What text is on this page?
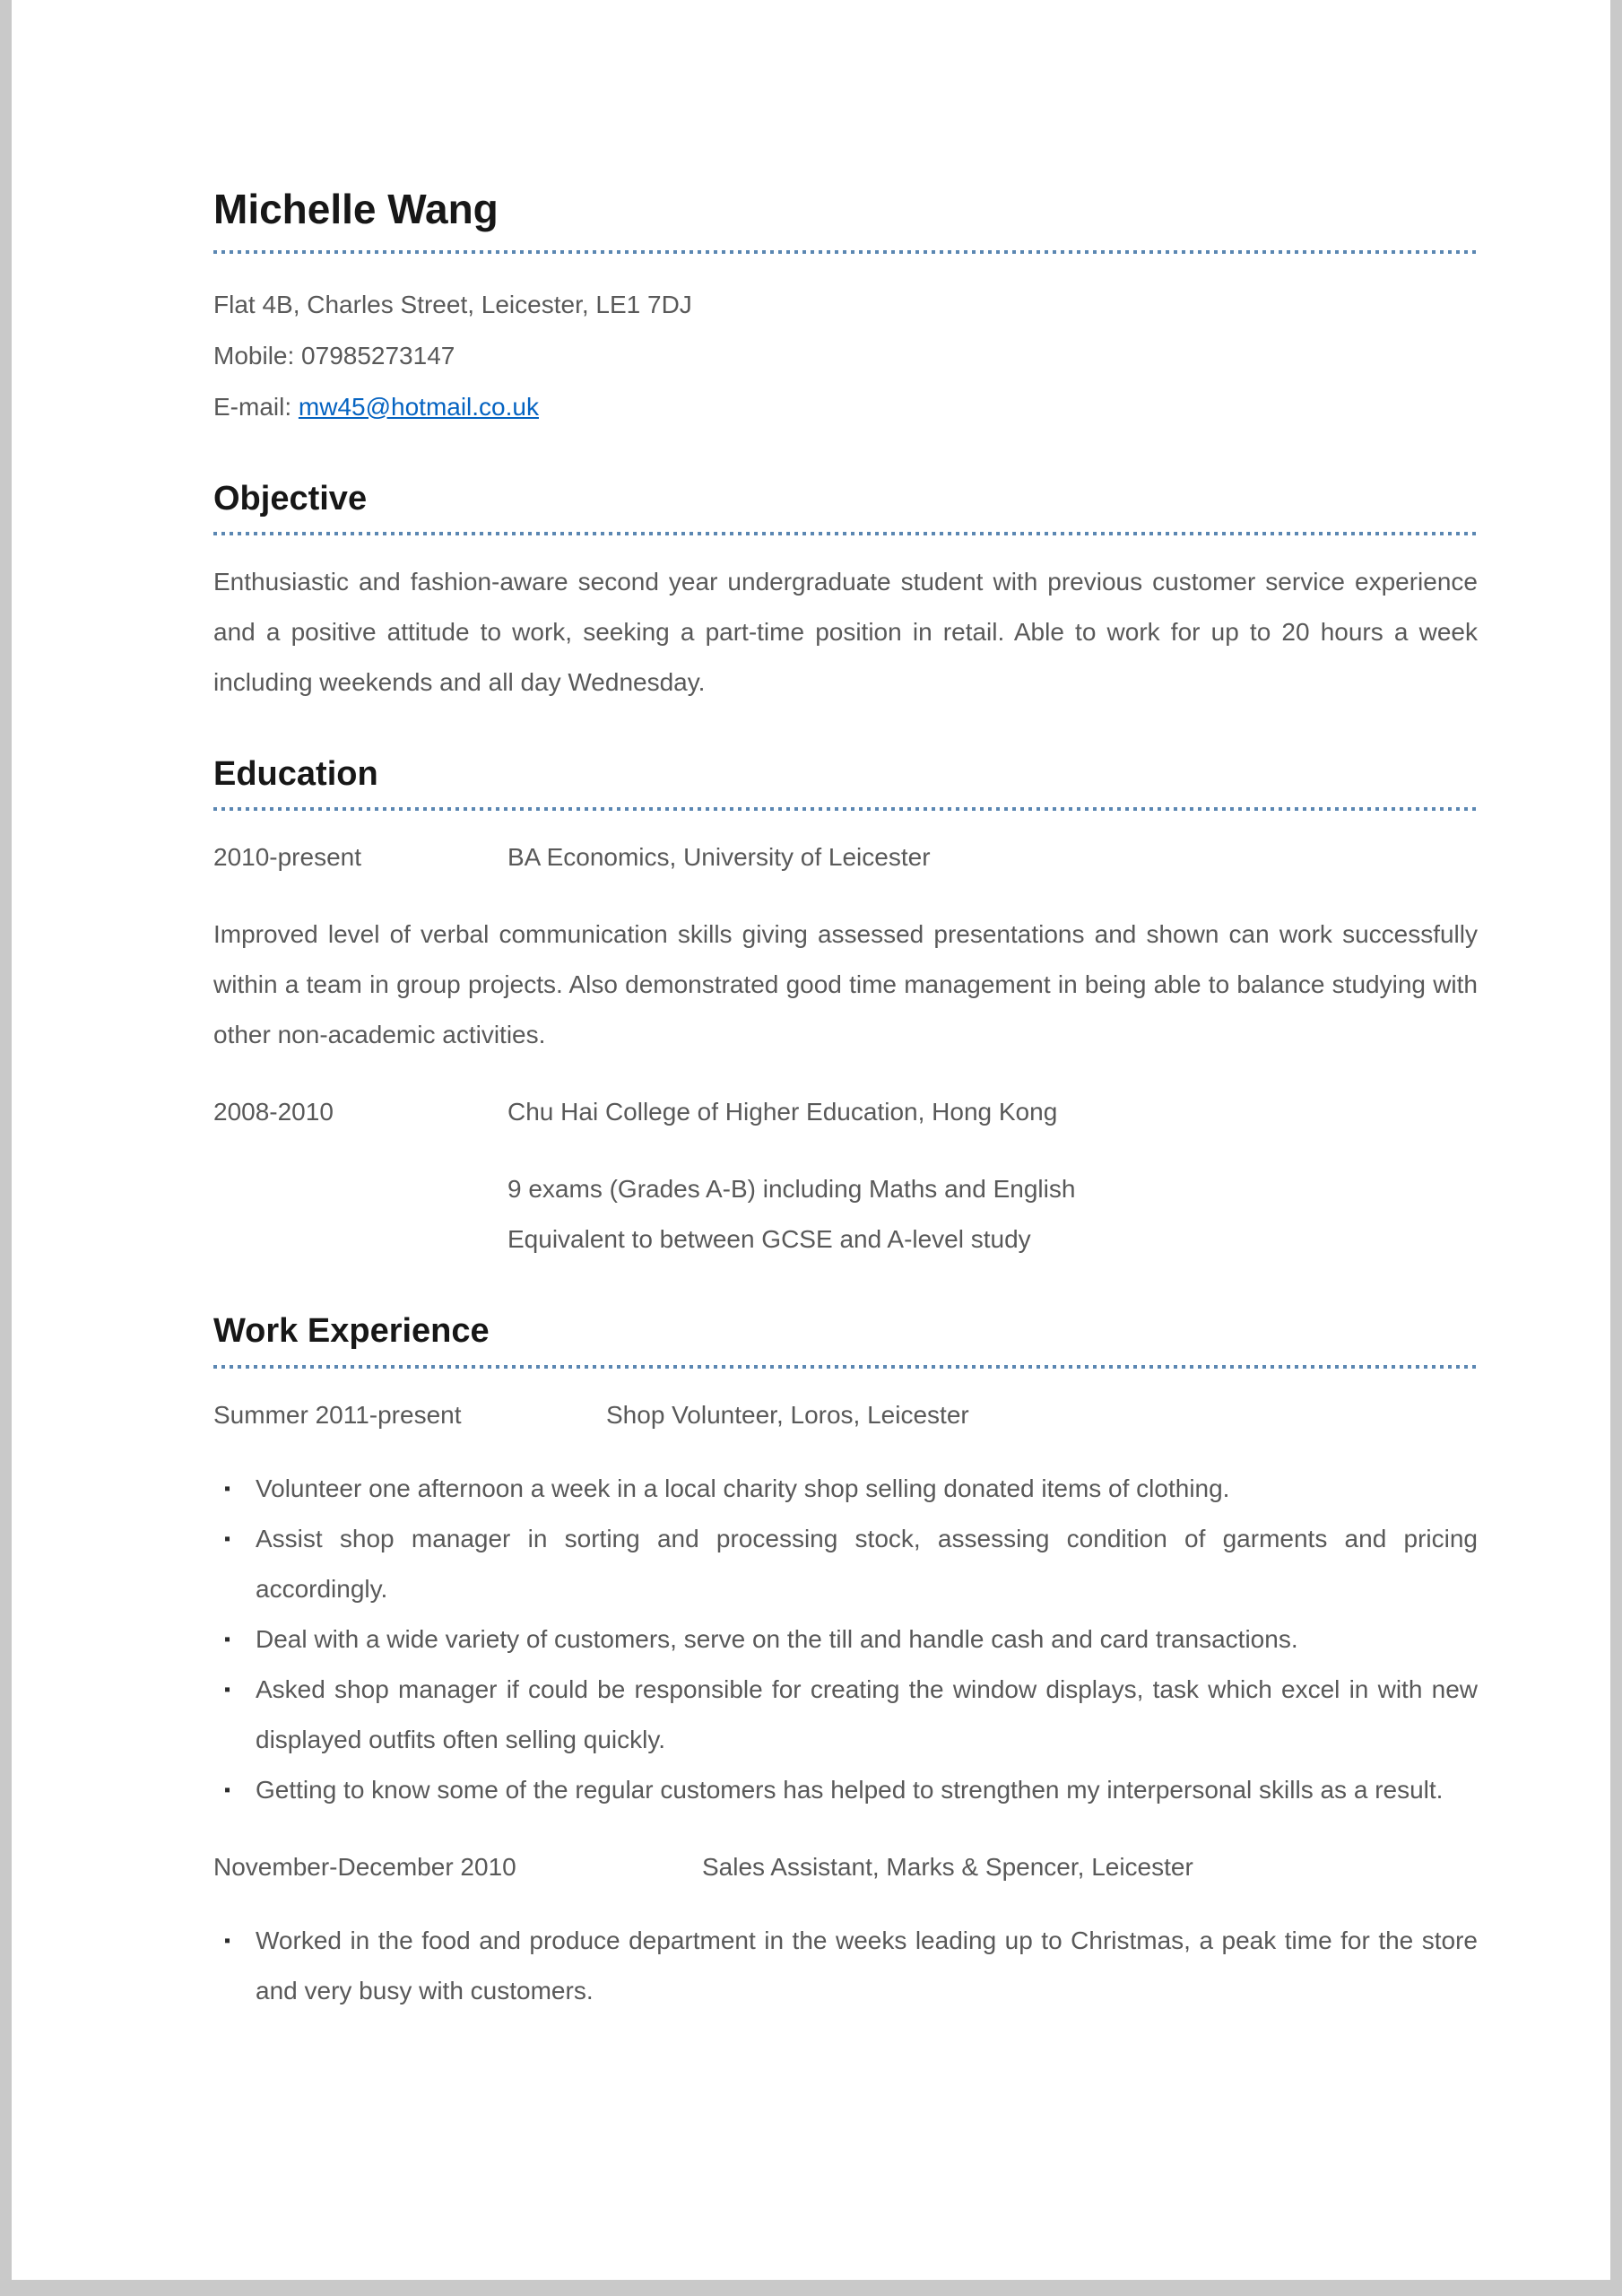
Michelle Wang

Flat 4B, Charles Street, Leicester, LE1 7DJ

Mobile: 07985273147

E-mail: mw45@hotmail.co.uk

Objective

Enthusiastic and fashion-aware second year undergraduate student with previous customer service experience and a positive attitude to work, seeking a part-time position in retail. Able to work for up to 20 hours a week including weekends and all day Wednesday.

Education
2010-present	BA Economics, University of Leicester

Improved level of verbal communication skills giving assessed presentations and shown can work successfully within a team in group projects. Also demonstrated good time management in being able to balance studying with other non-academic activities.

2008-2010	Chu Hai College of Higher Education, Hong Kong

9 exams (Grades A-B) including Maths and English

Equivalent to between GCSE and A-level study

Work Experience
Summer 2011-present	Shop Volunteer, Loros, Leicester
▪ Volunteer one afternoon a week in a local charity shop selling donated items of clothing.
▪ Assist shop manager in sorting and processing stock, assessing condition of garments and pricing accordingly.
▪ Deal with a wide variety of customers, serve on the till and handle cash and card transactions.
▪ Asked shop manager if could be responsible for creating the window displays, task which excel in with new displayed outfits often selling quickly.
▪ Getting to know some of the regular customers has helped to strengthen my interpersonal skills as a result.
November-December 2010	Sales Assistant, Marks & Spencer, Leicester
▪ Worked in the food and produce department in the weeks leading up to Christmas, a peak time for the store and very busy with customers.
